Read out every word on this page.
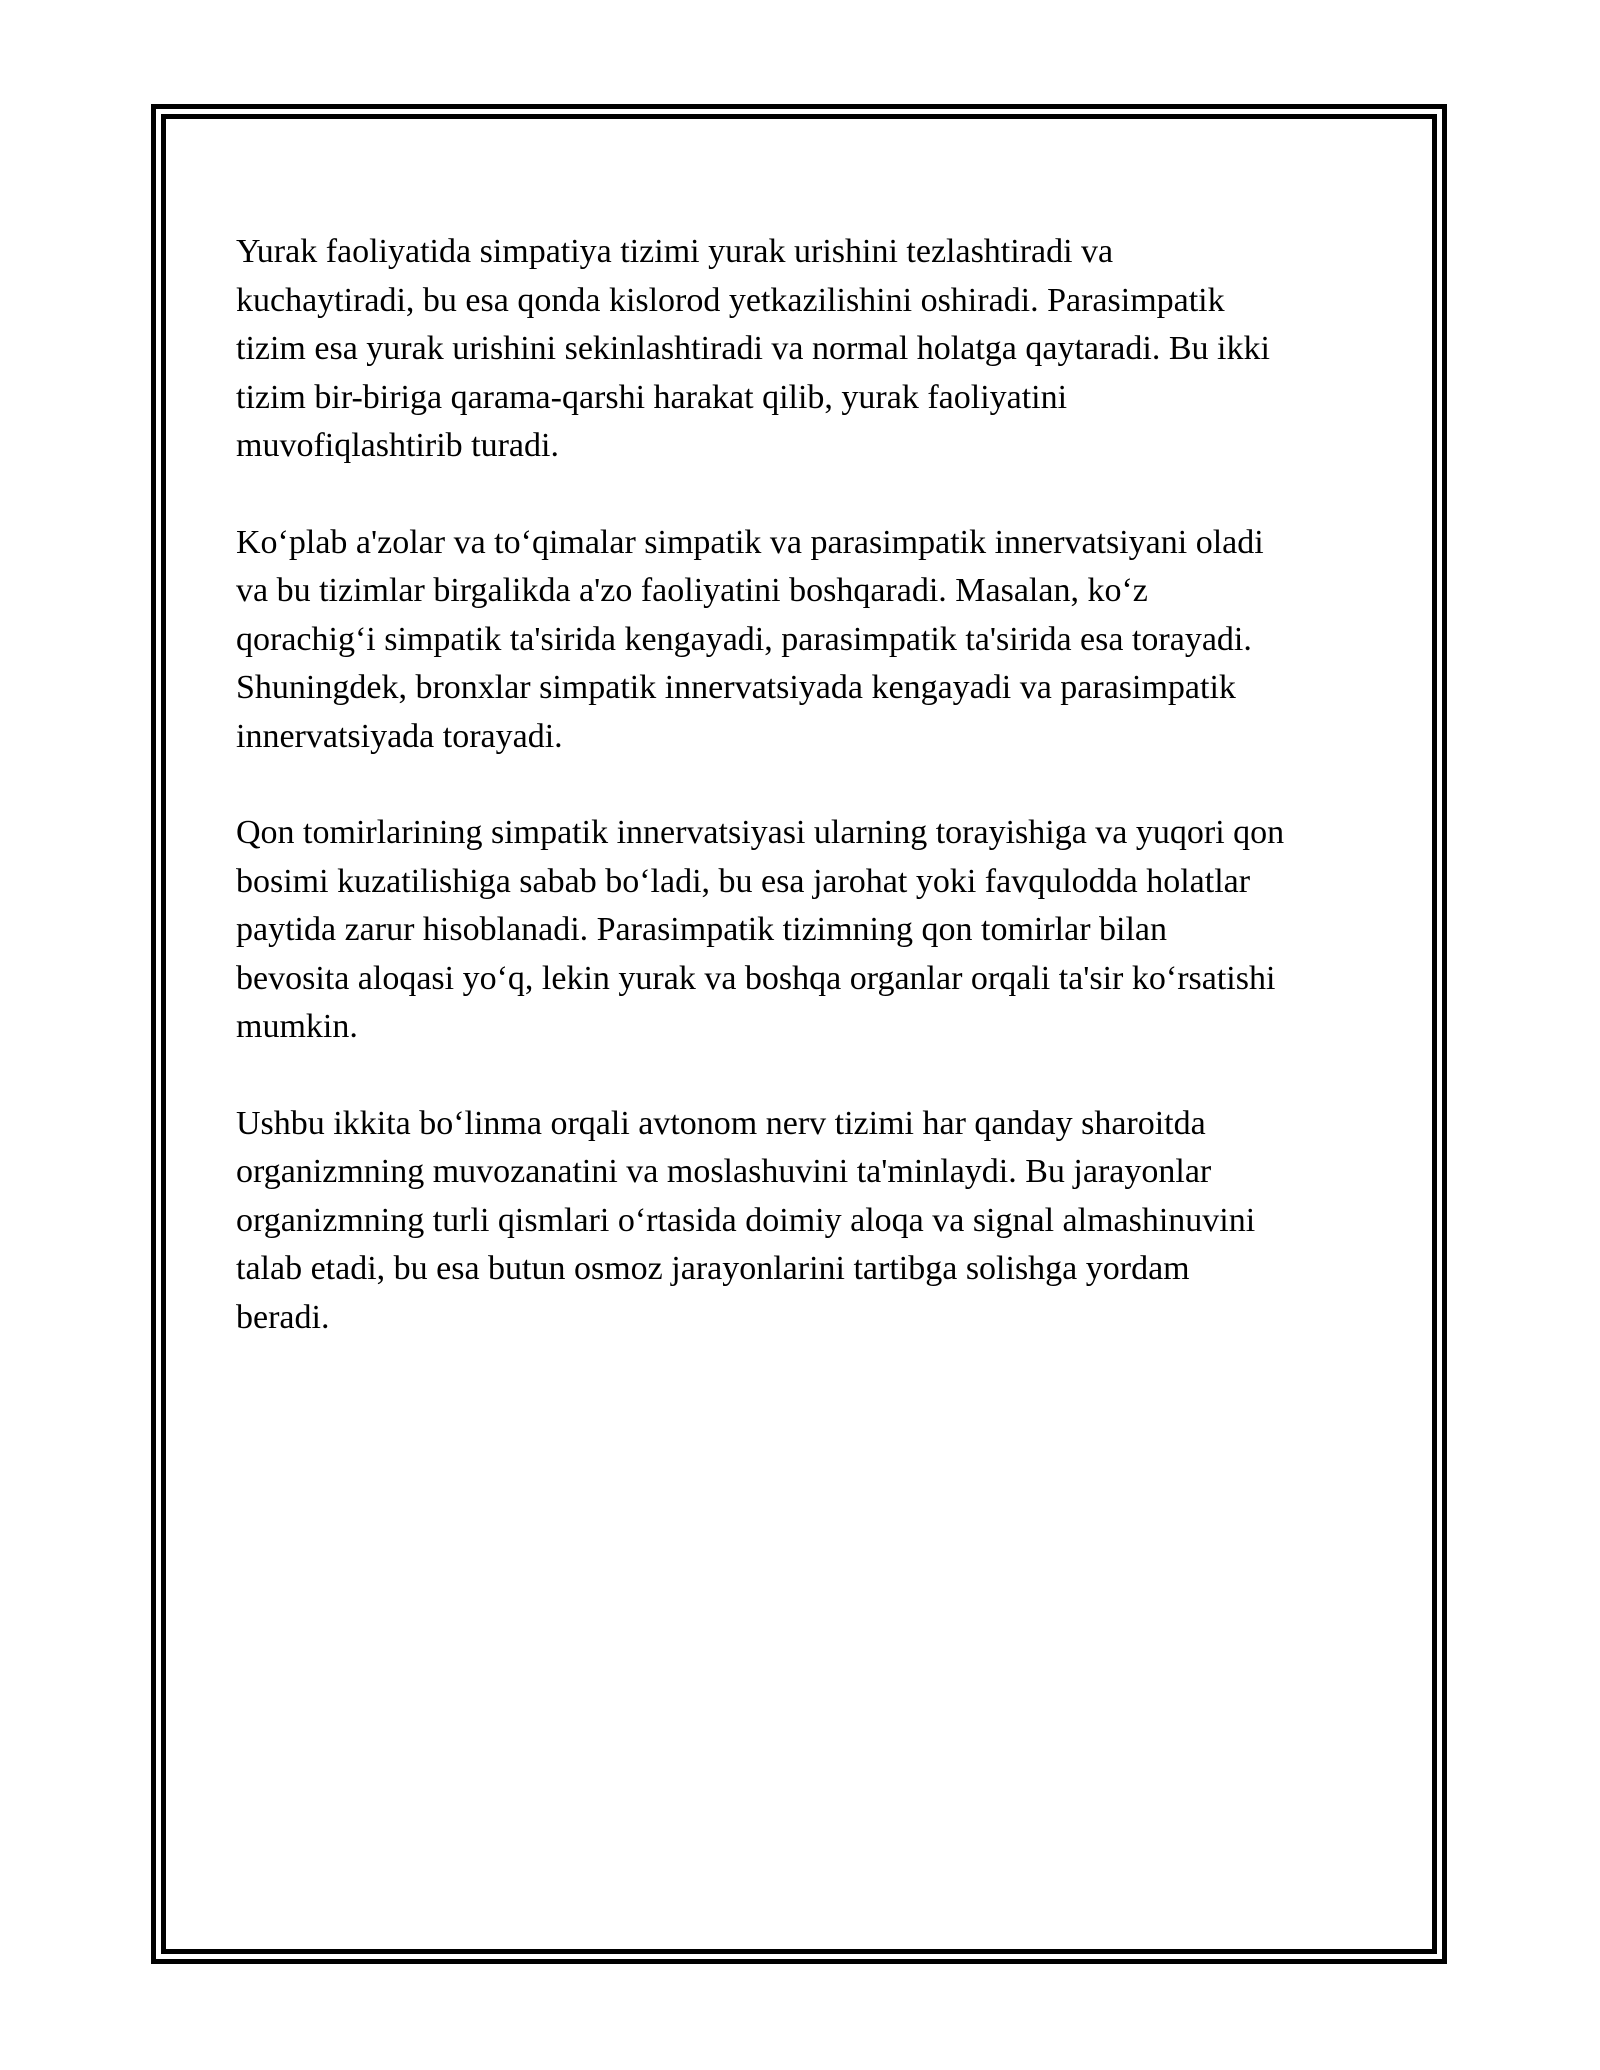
Yurak faoliyatida simpatiya tizimi yurak urishini tezlashtiradi va
kuchaytiradi, bu esa qonda kislorod yetkazilishini oshiradi. Parasimpatik
tizim esa yurak urishini sekinlashtiradi va normal holatga qaytaradi. Bu ikki
tizim bir-biriga qarama-qarshi harakat qilib, yurak faoliyatini
muvofiqlashtirib turadi.

Ko‘plab a'zolar va to‘qimalar simpatik va parasimpatik innervatsiyani oladi
va bu tizimlar birgalikda a'zo faoliyatini boshqaradi. Masalan, ko‘z
qorachig‘i simpatik ta'sirida kengayadi, parasimpatik ta'sirida esa torayadi.
Shuningdek, bronxlar simpatik innervatsiyada kengayadi va parasimpatik
innervatsiyada torayadi.

Qon tomirlarining simpatik innervatsiyasi ularning torayishiga va yuqori qon
bosimi kuzatilishiga sabab bo‘ladi, bu esa jarohat yoki favqulodda holatlar
paytida zarur hisoblanadi. Parasimpatik tizimning qon tomirlar bilan
bevosita aloqasi yo‘q, lekin yurak va boshqa organlar orqali ta'sir ko‘rsatishi
mumkin.

Ushbu ikkita bo‘linma orqali avtonom nerv tizimi har qanday sharoitda
organizmning muvozanatini va moslashuvini ta'minlaydi. Bu jarayonlar
organizmning turli qismlari o‘rtasida doimiy aloqa va signal almashinuvini
talab etadi, bu esa butun osmoz jarayonlarini tartibga solishga yordam
beradi.
